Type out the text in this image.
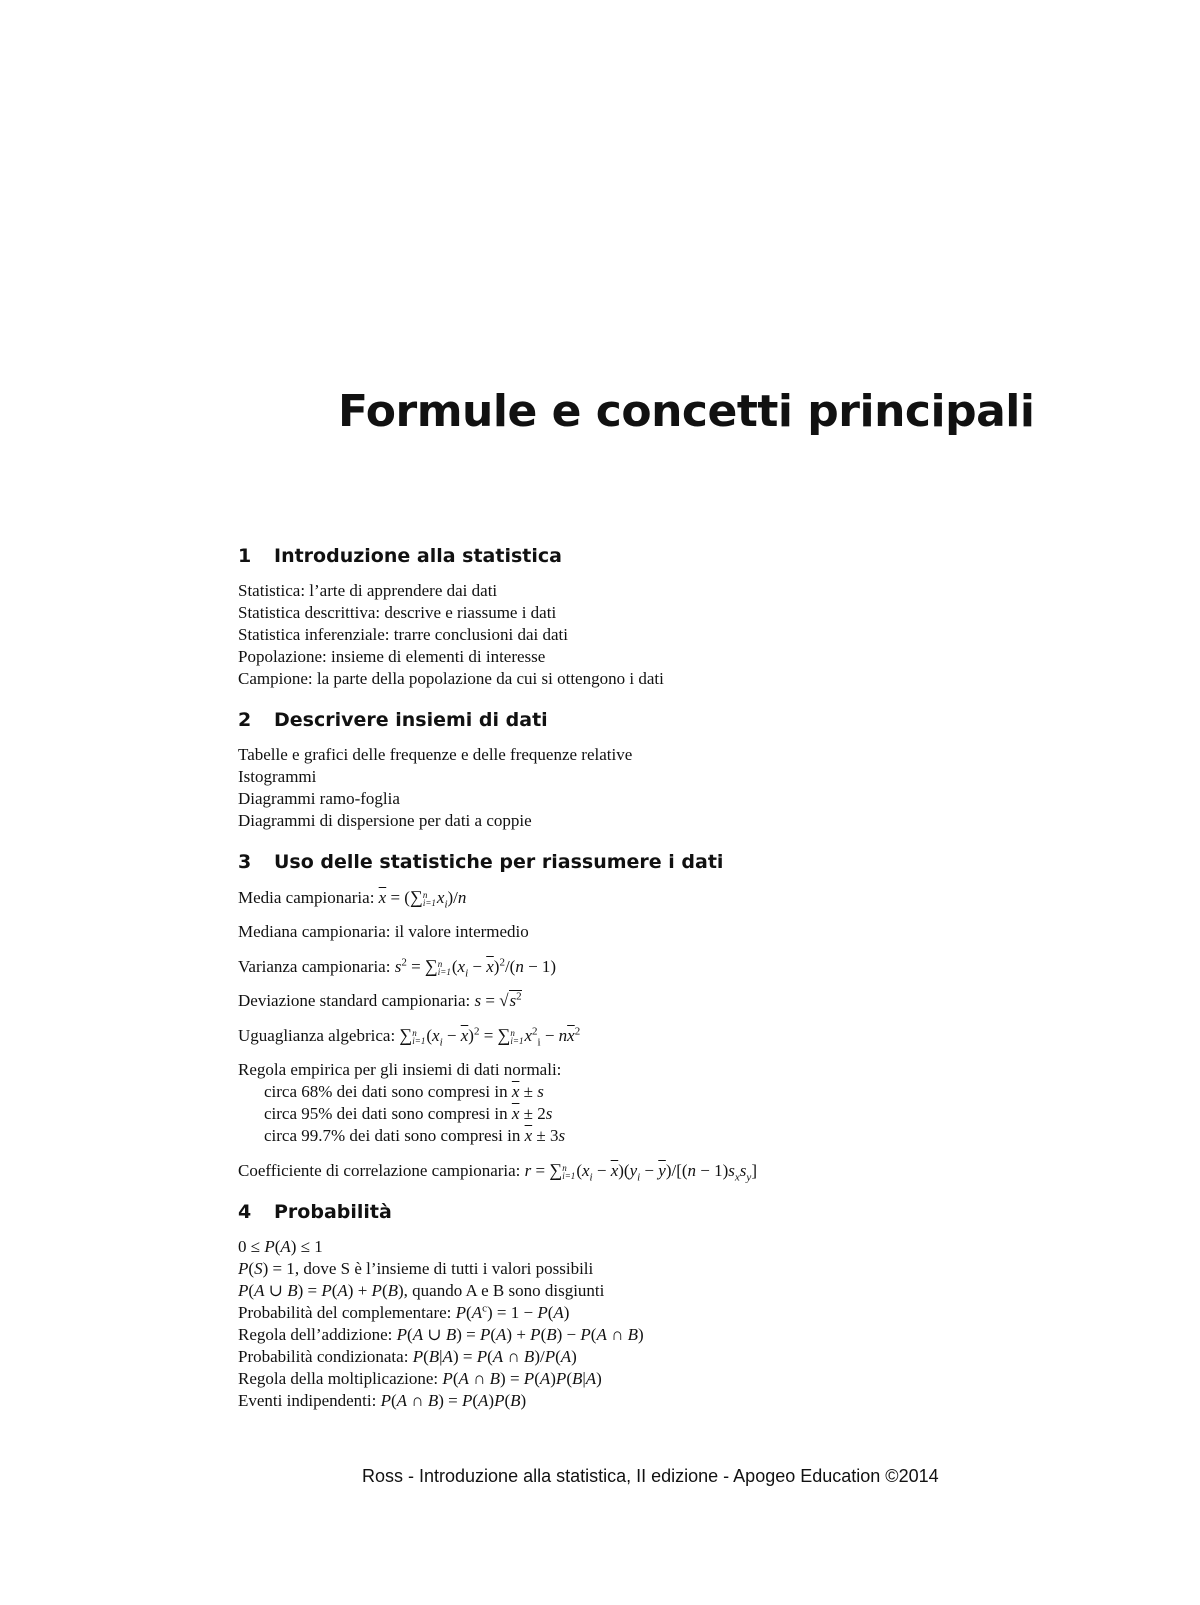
Formule e concetti principali
1 Introduzione alla statistica
Statistica: l’arte di apprendere dai dati
Statistica descrittiva: descrive e riassume i dati
Statistica inferenziale: trarre conclusioni dai dati
Popolazione: insieme di elementi di interesse
Campione: la parte della popolazione da cui si ottengono i dati
2 Descrivere insiemi di dati
Tabelle e grafici delle frequenze e delle frequenze relative
Istogrammi
Diagrammi ramo-foglia
Diagrammi di dispersione per dati a coppie
3 Uso delle statistiche per riassumere i dati
Media campionaria: $\overline{x}$ = (∑ n
i=1 $x_i)/n$
Mediana campionaria: il valore intermedio
Varianza campionaria: $s^2$ = ∑ n
i=1 $(x_i - \overline{x})^2/(n - 1)$
Deviazione standard campionaria: $s = √s^2$
Uguaglianza algebrica: ∑ n
i=1 $(x_i - \overline{x})^2$ = ∑ n
i=1 $x^2_i - n\overline{x}^2$
Regola empirica per gli insiemi di dati normali:
circa 68% dei dati sono compresi in $\overline{x} \pm s$
circa 95% dei dati sono compresi in $\overline{x} \pm 2s$
circa 99.7% dei dati sono compresi in $\overline{x} \pm 3s$
Coefficiente di correlazione campionaria: r = ∑ n
i=1 $(x_i - \overline{x})(y_i - \overline{y})/[(n - 1)s_xs_y]$
4 Probabilità
0 ≤ P(A) ≤ 1
P(S) = 1, dove S è l’insieme di tutti i valori possibili
P(A ∪ B) = P(A) + P(B), quando A e B sono disgiunti
Probabilità del complementare: $P(A^c) = 1 - P(A)$
Regola dell’addizione: P(A ∪ B) = P(A) + P(B) − P(A ∩ B)
Probabilità condizionata: P(B|A) = P(A ∩ B)/P(A)
Regola della moltiplicazione: P(A ∩ B) = P(A)P(B|A)
Eventi indipendenti: P(A ∩ B) = P(A)P(B)
Ross - Introduzione alla statistica, II edizione - Apogeo Education ©2014
